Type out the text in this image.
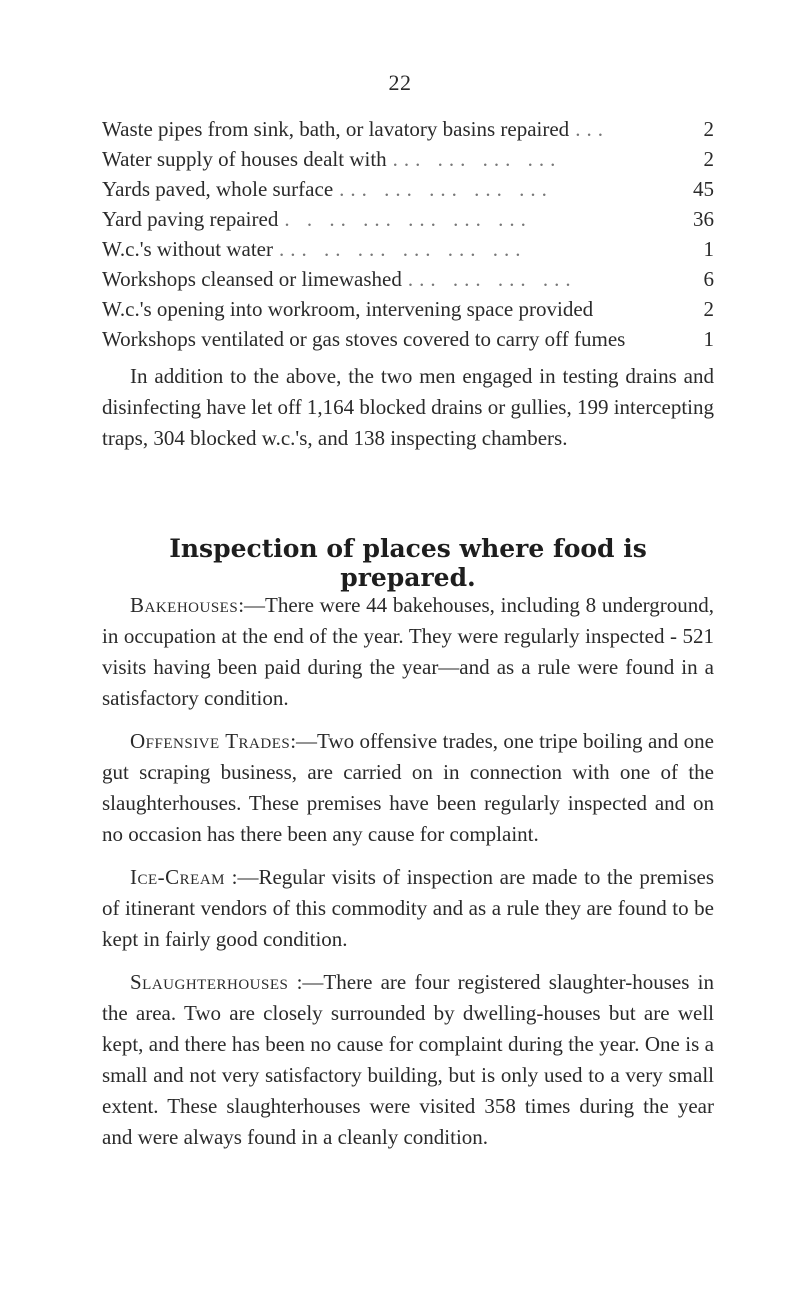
22
Waste pipes from sink, bath, or lavatory basins repaired ...	2
Water supply of houses dealt with ... ... ... ...	2
Yards paved, whole surface ... ... ... ... ...	45
Yard paving repaired . . .. ... ... ... ...	36
W.c.'s without water ... .. ... ... ... ...	1
Workshops cleansed or limewashed ... ... ... ...	6
W.c.'s opening into workroom, intervening space provided	2
Workshops ventilated or gas stoves covered to carry off fumes	1

In addition to the above, the two men engaged in testing drains and disinfecting have let off 1,164 blocked drains or gullies, 199 intercepting traps, 304 blocked w.c.'s, and 138 inspecting chambers.

Inspection of places where food is prepared.

Bakehouses:—There were 44 bakehouses, including 8 underground, in occupation at the end of the year. They were regularly inspected - 521 visits having been paid during the year—and as a rule were found in a satisfactory condition.

Offensive Trades:—Two offensive trades, one tripe boiling and one gut scraping business, are carried on in connection with one of the slaughterhouses. These premises have been regularly inspected and on no occasion has there been any cause for complaint.

Ice-Cream :—Regular visits of inspection are made to the premises of itinerant vendors of this commodity and as a rule they are found to be kept in fairly good condition.

Slaughterhouses :—There are four registered slaughter-houses in the area. Two are closely surrounded by dwelling-houses but are well kept, and there has been no cause for complaint during the year. One is a small and not very satisfactory building, but is only used to a very small extent. These slaughterhouses were visited 358 times during the year and were always found in a cleanly condition.
